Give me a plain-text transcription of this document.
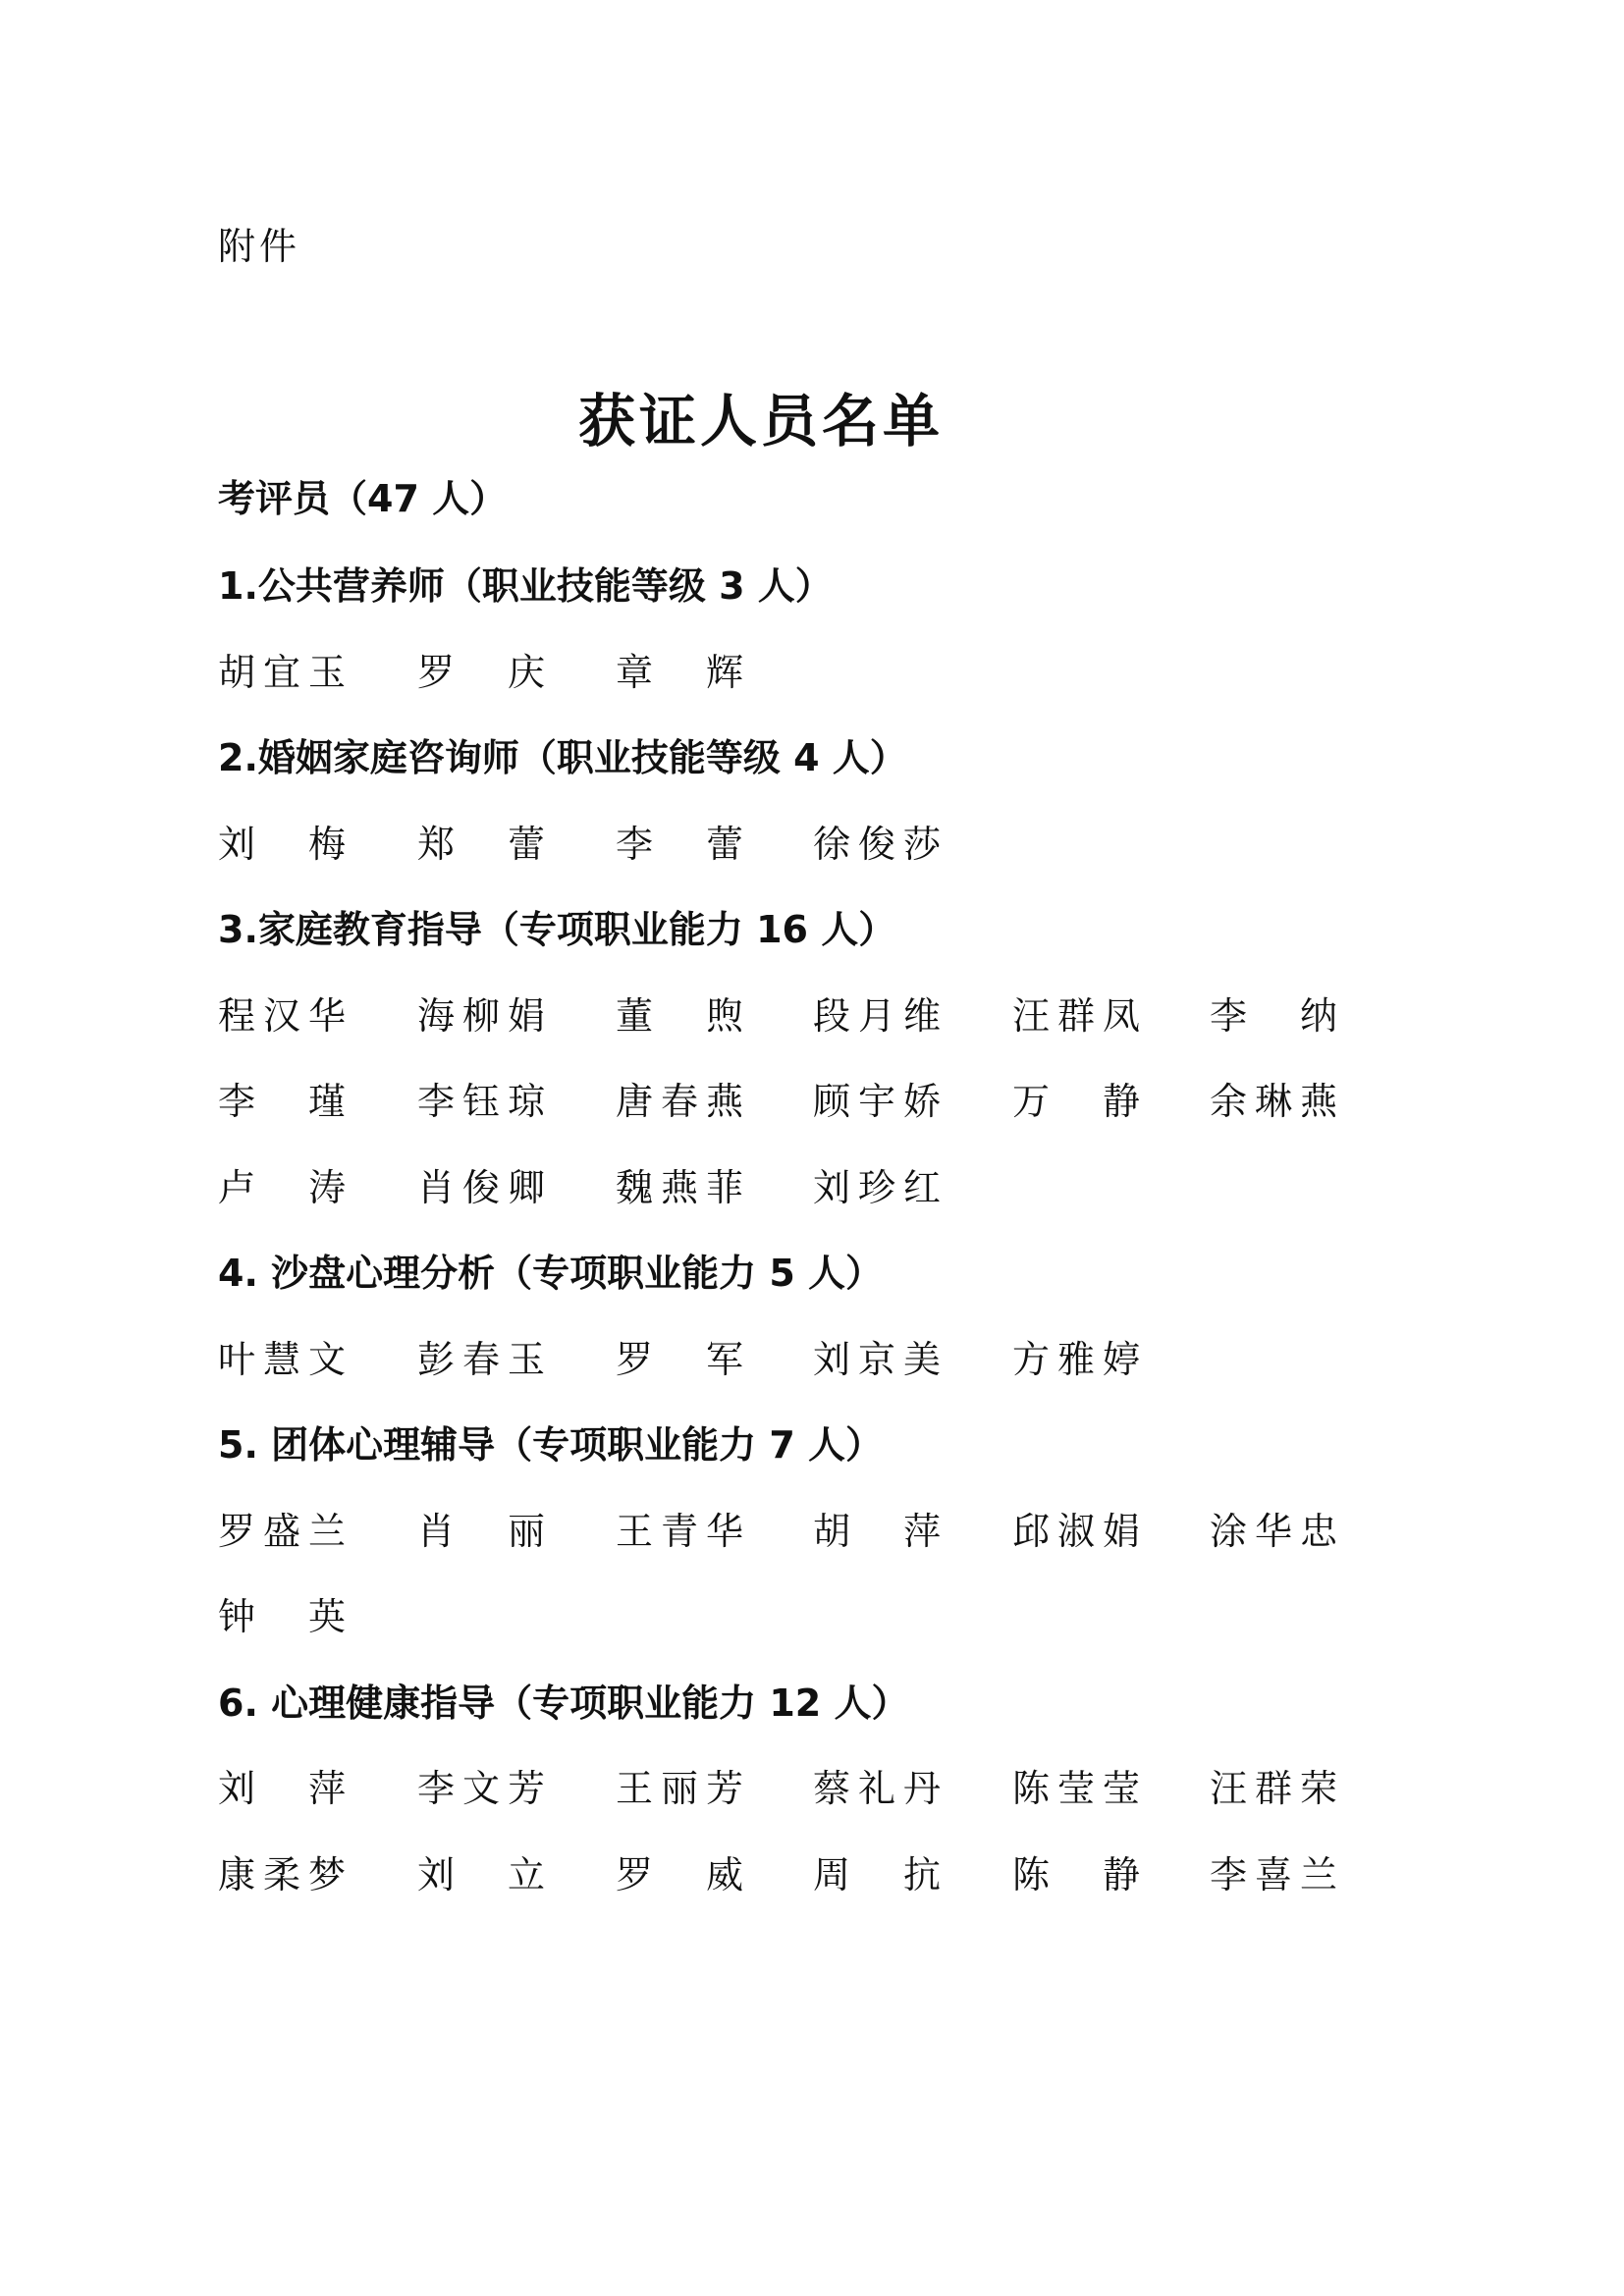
附件
获证人员名单
考评员（47 人）
1.公共营养师（职业技能等级 3 人）
胡宜玉 罗 庆 章 辉
2.婚姻家庭咨询师（职业技能等级 4 人）
刘 梅 郑 蕾 李 蕾 徐俊莎
3.家庭教育指导（专项职业能力 16 人）
程汉华 海柳娟 董 煦 段月维 汪群凤 李 纳
李 瑾 李钰琼 唐春燕 顾宇娇 万 静 余琳燕
卢 涛 肖俊卿 魏燕菲 刘珍红
4. 沙盘心理分析（专项职业能力 5 人）
叶慧文 彭春玉 罗 军 刘京美 方雅婷
5. 团体心理辅导（专项职业能力 7 人）
罗盛兰 肖 丽 王青华 胡 萍 邱淑娟 涂华忠
钟 英
6. 心理健康指导（专项职业能力 12 人）
刘 萍 李文芳 王丽芳 蔡礼丹 陈莹莹 汪群荣
康柔梦 刘 立 罗 威 周 抗 陈 静 李喜兰
